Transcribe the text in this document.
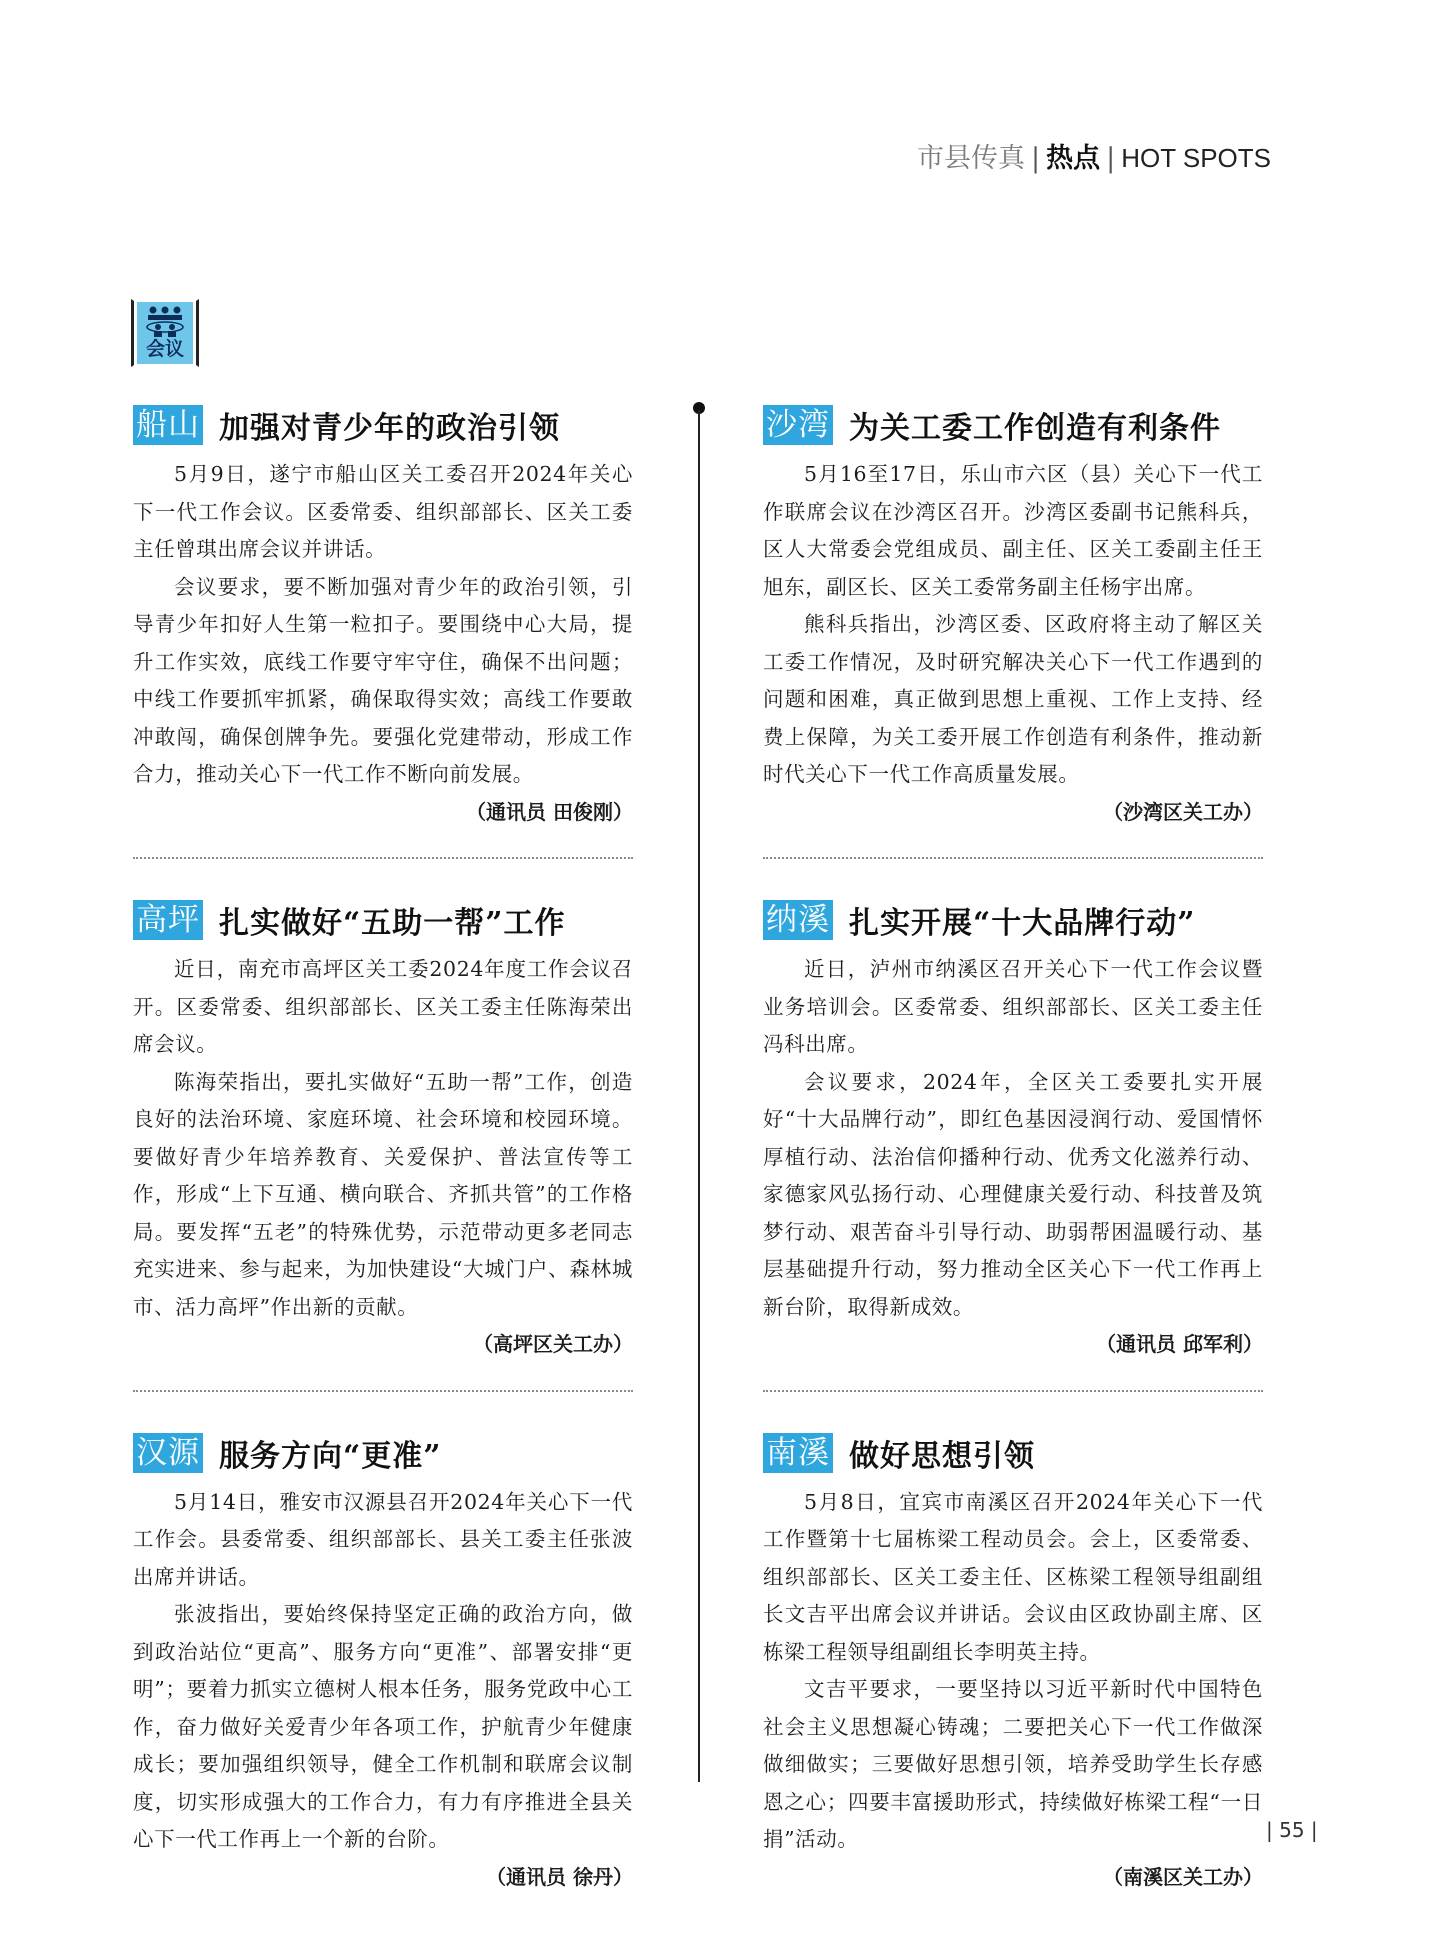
市县传真 | 热点 | HOT SPOTS
会议
船山 加强对青少年的政治引领

5月9日，遂宁市船山区关工委召开2024年关心下一代工作会议。区委常委、组织部部长、区关工委主任曾琪出席会议并讲话。

会议要求，要不断加强对青少年的政治引领，引导青少年扣好人生第一粒扣子。要围绕中心大局，提升工作实效，底线工作要守牢守住，确保不出问题；中线工作要抓牢抓紧，确保取得实效；高线工作要敢冲敢闯，确保创牌争先。要强化党建带动，形成工作合力，推动关心下一代工作不断向前发展。

（通讯员 田俊刚）

高坪 扎实做好“五助一帮”工作

近日，南充市高坪区关工委2024年度工作会议召开。区委常委、组织部部长、区关工委主任陈海荣出席会议。

陈海荣指出，要扎实做好“五助一帮”工作，创造良好的法治环境、家庭环境、社会环境和校园环境。要做好青少年培养教育、关爱保护、普法宣传等工作，形成“上下互通、横向联合、齐抓共管”的工作格局。要发挥“五老”的特殊优势，示范带动更多老同志充实进来、参与起来，为加快建设“大城门户、森林城市、活力高坪”作出新的贡献。

（高坪区关工办）

汉源 服务方向“更准”

5月14日，雅安市汉源县召开2024年关心下一代工作会。县委常委、组织部部长、县关工委主任张波出席并讲话。

张波指出，要始终保持坚定正确的政治方向，做到政治站位“更高”、服务方向“更准”、部署安排“更明”；要着力抓实立德树人根本任务，服务党政中心工作，奋力做好关爱青少年各项工作，护航青少年健康成长；要加强组织领导，健全工作机制和联席会议制度，切实形成强大的工作合力，有力有序推进全县关心下一代工作再上一个新的台阶。

（通讯员 徐丹）

沙湾 为关工委工作创造有利条件

5月16至17日，乐山市六区（县）关心下一代工作联席会议在沙湾区召开。沙湾区委副书记熊科兵，区人大常委会党组成员、副主任、区关工委副主任王旭东，副区长、区关工委常务副主任杨宇出席。

熊科兵指出，沙湾区委、区政府将主动了解区关工委工作情况，及时研究解决关心下一代工作遇到的问题和困难，真正做到思想上重视、工作上支持、经费上保障，为关工委开展工作创造有利条件，推动新时代关心下一代工作高质量发展。

（沙湾区关工办）

纳溪 扎实开展“十大品牌行动”

近日，泸州市纳溪区召开关心下一代工作会议暨业务培训会。区委常委、组织部部长、区关工委主任冯科出席。

会议要求，2024年，全区关工委要扎实开展好“十大品牌行动”，即红色基因浸润行动、爱国情怀厚植行动、法治信仰播种行动、优秀文化滋养行动、家德家风弘扬行动、心理健康关爱行动、科技普及筑梦行动、艰苦奋斗引导行动、助弱帮困温暖行动、基层基础提升行动，努力推动全区关心下一代工作再上新台阶，取得新成效。

（通讯员 邱军利）

南溪 做好思想引领

5月8日，宜宾市南溪区召开2024年关心下一代工作暨第十七届栋梁工程动员会。会上，区委常委、组织部部长、区关工委主任、区栋梁工程领导组副组长文吉平出席会议并讲话。会议由区政协副主席、区栋梁工程领导组副组长李明英主持。

文吉平要求，一要坚持以习近平新时代中国特色社会主义思想凝心铸魂；二要把关心下一代工作做深做细做实；三要做好思想引领，培养受助学生长存感恩之心；四要丰富援助形式，持续做好栋梁工程“一日捐”活动。

（南溪区关工办）

| 55 |
